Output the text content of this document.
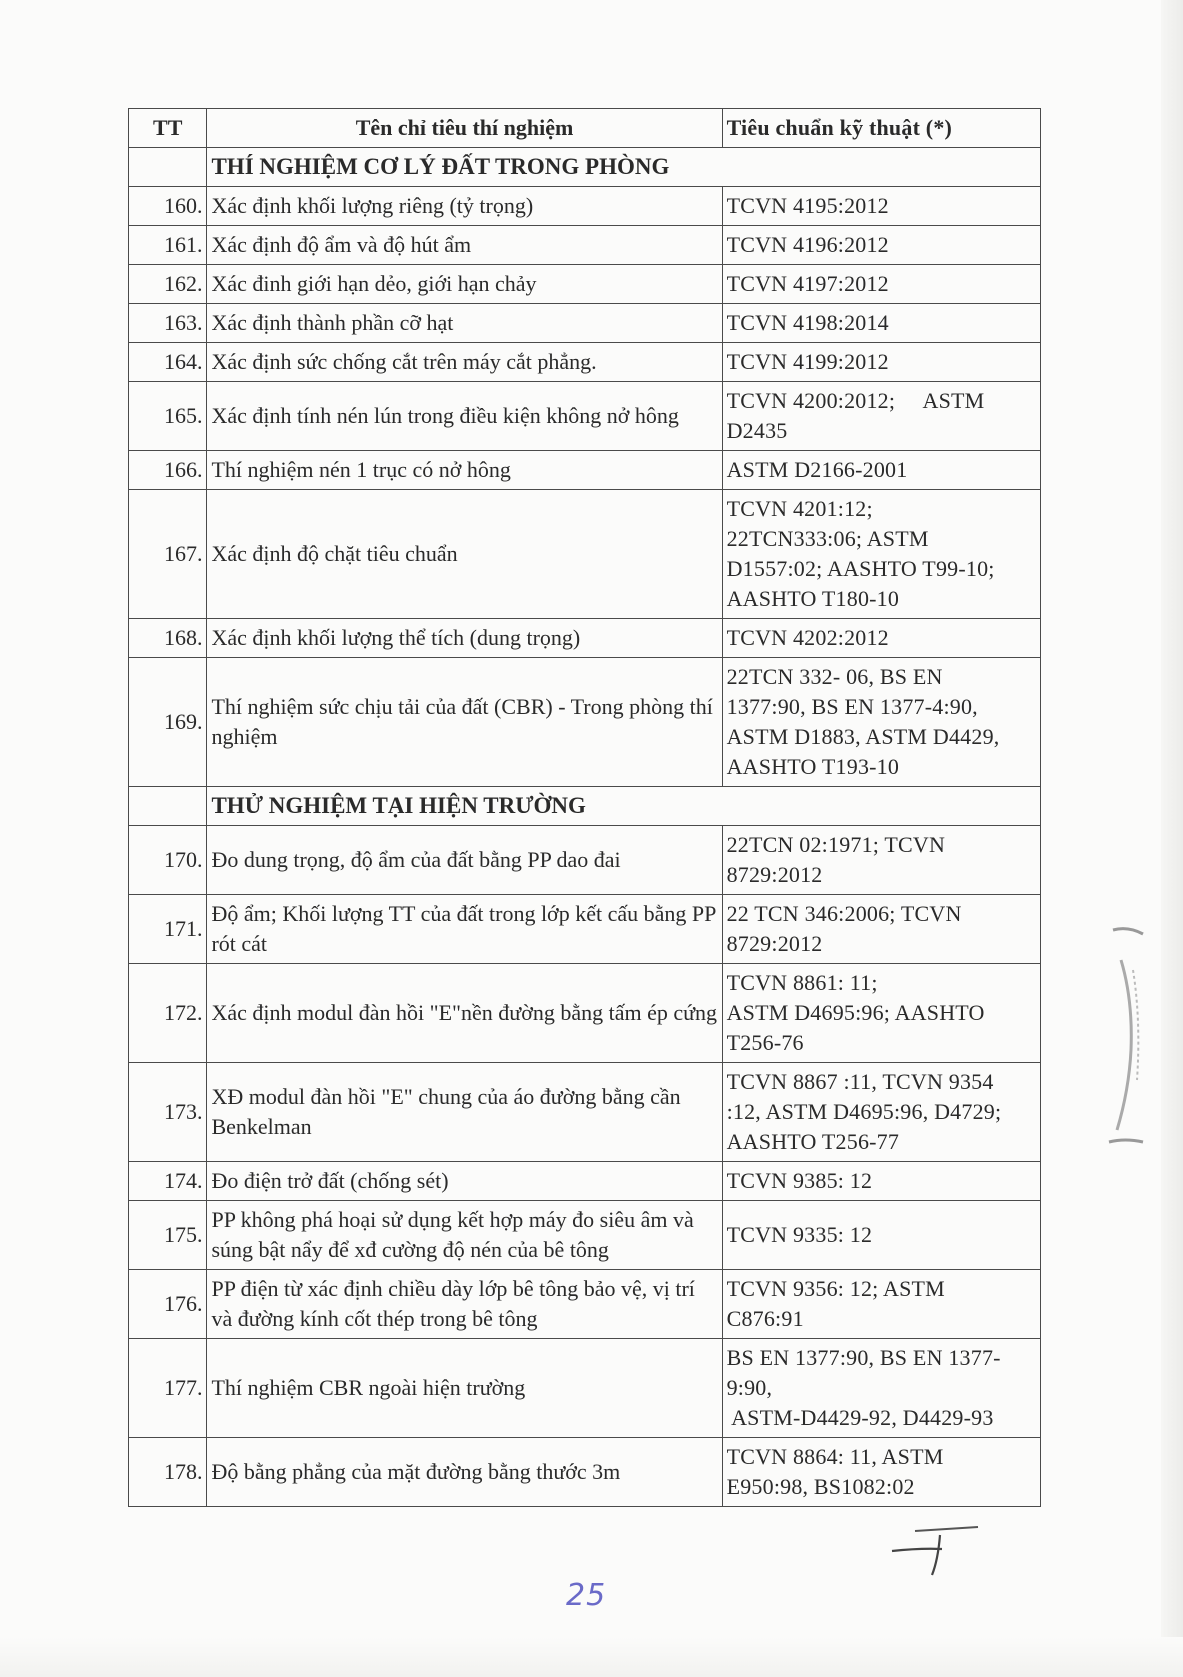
TT	Tên chỉ tiêu thí nghiệm	Tiêu chuẩn kỹ thuật (*)
	THÍ NGHIỆM CƠ LÝ ĐẤT TRONG PHÒNG	
160.	Xác định khối lượng riêng (tỷ trọng)	TCVN 4195:2012

161.	Xác định độ ẩm và độ hút ẩm	TCVN 4196:2012

162.	Xác đinh giới hạn dẻo, giới hạn chảy	TCVN 4197:2012

163.	Xác định thành phần cỡ hạt	TCVN 4198:2014

164.	Xác định sức chống cắt trên máy cắt phẳng.	TCVN 4199:2012

165.	Xác định tính nén lún trong điều kiện không nở hông	TCVN 4200:2012;     ASTM
D2435

166.	Thí nghiệm nén 1 trục có nở hông	ASTM D2166-2001

167.	Xác định độ chặt tiêu chuẩn	TCVN 4201:12;
22TCN333:06; ASTM
D1557:02; AASHTO T99-10;
AASHTO T180-10

168.	Xác định khối lượng thể tích (dung trọng)	TCVN 4202:2012

169.	Thí nghiệm sức chịu tải của đất (CBR) - Trong phòng thí nghiệm	22TCN 332- 06, BS EN
1377:90, BS EN 1377-4:90,
ASTM D1883, ASTM D4429,
AASHTO T193-10

	THỬ NGHIỆM TẠI HIỆN TRƯỜNG	
170.	Đo dung trọng, độ ẩm của đất bằng PP dao đai	22TCN 02:1971; TCVN
8729:2012

171.	Độ ẩm; Khối lượng TT của đất trong lớp kết cấu bằng PP rót cát	22 TCN 346:2006; TCVN
8729:2012

172.	Xác định modul đàn hồi "E"nền đường bằng tấm ép cứng	TCVN 8861: 11;
ASTM D4695:96; AASHTO
T256-76

173.	XĐ modul đàn hồi "E" chung của áo đường bằng cần Benkelman	TCVN 8867 :11, TCVN 9354
:12, ASTM D4695:96, D4729;
AASHTO T256-77

174.	Đo điện trở đất (chống sét)	TCVN 9385: 12

175.	PP không phá hoại sử dụng kết hợp máy đo siêu âm và súng bật nẩy để xđ cường độ nén của bê tông	TCVN 9335: 12

176.	PP điện từ xác định chiều dày lớp bê tông bảo vệ, vị trí và đường kính cốt thép trong bê tông	TCVN 9356: 12; ASTM
C876:91

177.	Thí nghiệm CBR ngoài hiện trường	BS EN 1377:90, BS EN 1377-
9:90,
ASTM-D4429-92, D4429-93

178.	Độ bằng phẳng của mặt đường bằng thước 3m	TCVN 8864: 11, ASTM
E950:98, BS1082:02
25
